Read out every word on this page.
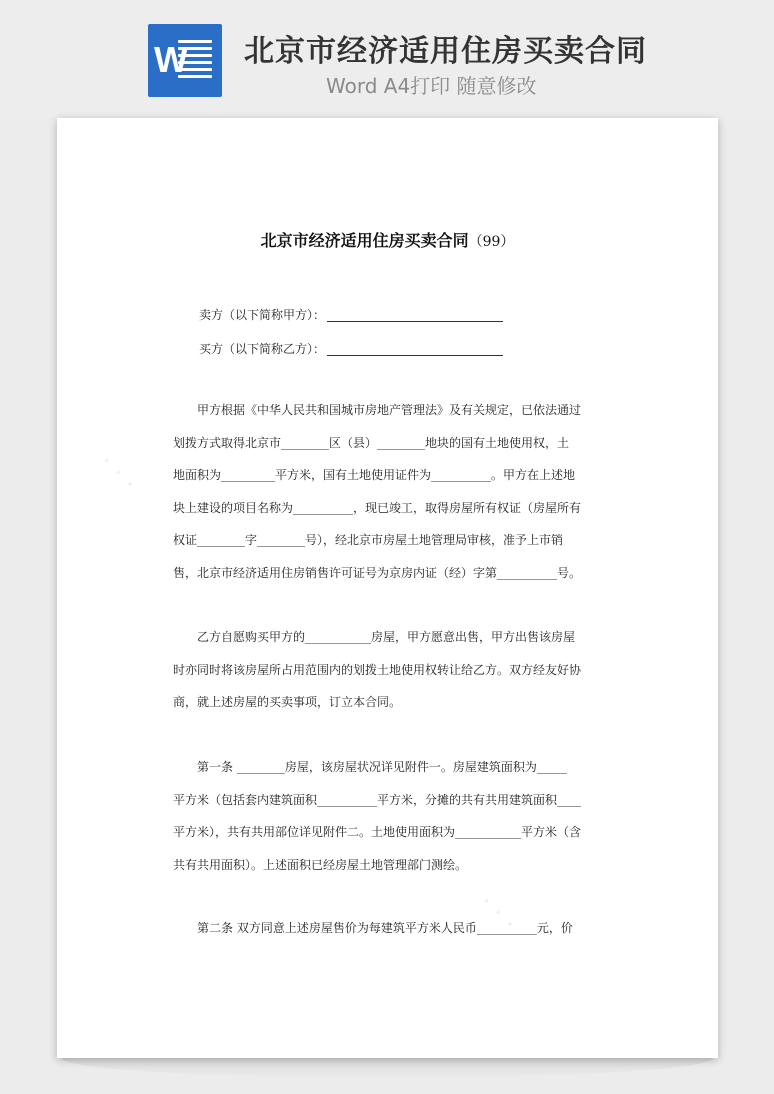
W 北京市经济适用住房买卖合同
Word A4打印 随意修改
· · ·
· · ·
北京市经济适用住房买卖合同（99）
卖方（以下简称甲方）：
买方（以下简称乙方）：
甲方根据《中华人民共和国城市房地产管理法》及有关规定，已依法通过
划拨方式取得北京市________区（县）________地块的国有土地使用权，土
地面积为_________平方米，国有土地使用证件为__________。甲方在上述地
块上建设的项目名称为__________，现已竣工，取得房屋所有权证（房屋所有
权证________字________号），经北京市房屋土地管理局审核，准予上市销
售，北京市经济适用住房销售许可证号为京房内证（经）字第__________号。
乙方自愿购买甲方的___________房屋，甲方愿意出售，甲方出售该房屋
时亦同时将该房屋所占用范围内的划拨土地使用权转让给乙方。双方经友好协
商，就上述房屋的买卖事项，订立本合同。
第一条 ________房屋，该房屋状况详见附件一。房屋建筑面积为_____
平方米（包括套内建筑面积__________平方米，分摊的共有共用建筑面积____
平方米），共有共用部位详见附件二。土地使用面积为___________平方米（含
共有共用面积）。上述面积已经房屋土地管理部门测绘。
第二条 双方同意上述房屋售价为每建筑平方米人民币__________元，价
